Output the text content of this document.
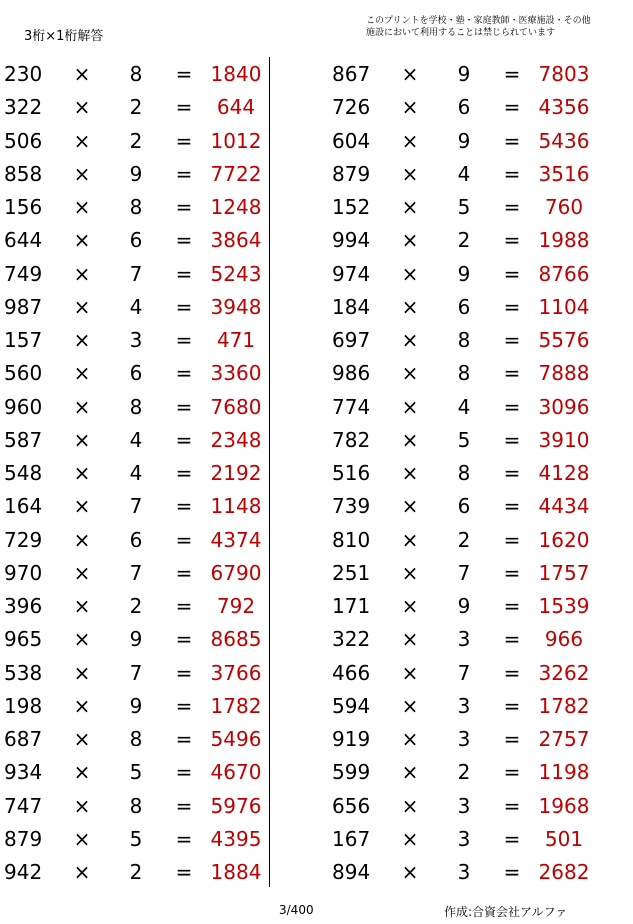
3桁×1桁解答
このプリントを学校・塾・家庭教師・医療施設・その他
施設において利用することは禁じられています
230 × 8 = 1840
322 × 2 =	644
506 × 2 = 1012
858 × 9 = 7722
156 × 8 = 1248
644 × 6 = 3864
749 × 7 = 5243
987 × 4 = 3948
157 × 3 =	471
560 × 6 = 3360
960 × 8 = 7680
587 × 4 = 2348
548 × 4 = 2192
164 × 7 = 1148
729 × 6 = 4374
970 × 7 = 6790
396 × 2 =	792
965 × 9 = 8685
538 × 7 = 3766
198 × 9 = 1782
687 × 8 = 5496
934 × 5 = 4670
747 × 8 = 5976
879 × 5 = 4395
942 × 2 = 1884
867 × 9 = 7803
726 × 6 = 4356
604 × 9 = 5436
879 × 4 = 3516
152 × 5 =	760
994 × 2 = 1988
974 × 9 = 8766
184 × 6 = 1104
697 × 8 = 5576
986 × 8 = 7888
774 × 4 = 3096
782 × 5 = 3910
516 × 8 = 4128
739 × 6 = 4434
810 × 2 = 1620
251 × 7 = 1757
171 × 9 = 1539
322 × 3 =	966
466 × 7 = 3262
594 × 3 = 1782
919 × 3 = 2757
599 × 2 = 1198
656 × 3 = 1968
167 × 3 =	501
894 × 3 = 2682
3/400	作成:合資会社アルファ
